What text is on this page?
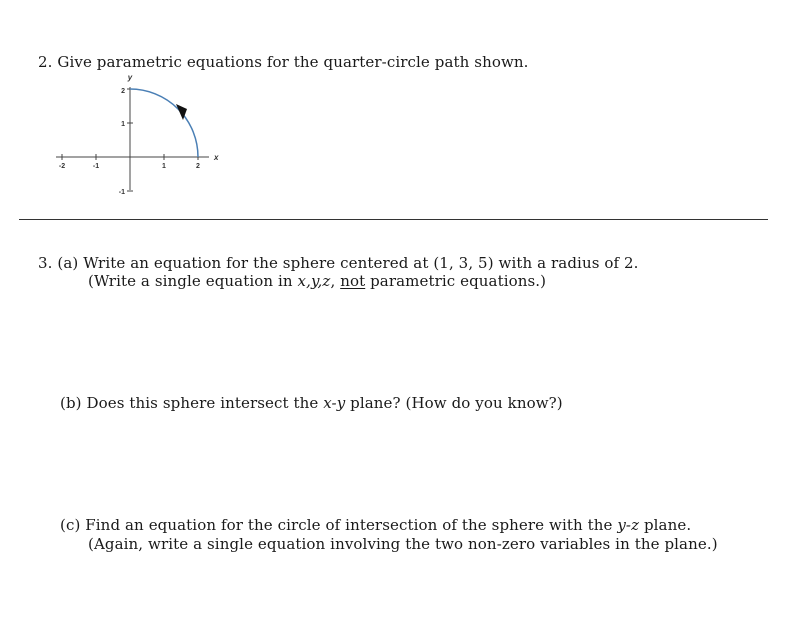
2. Give parametric equations for the quarter-circle path shown.
-2	-1	1	2
-1
1
2
x
y
3. (a) Write an equation for the sphere centered at (1, 3, 5) with a radius of 2.
(Write a single equation in x,y,z, not parametric equations.)
(b) Does this sphere intersect the x-y plane? (How do you know?)
(c) Find an equation for the circle of intersection of the sphere with the y-z plane.
(Again, write a single equation involving the two non-zero variables in the plane.)
